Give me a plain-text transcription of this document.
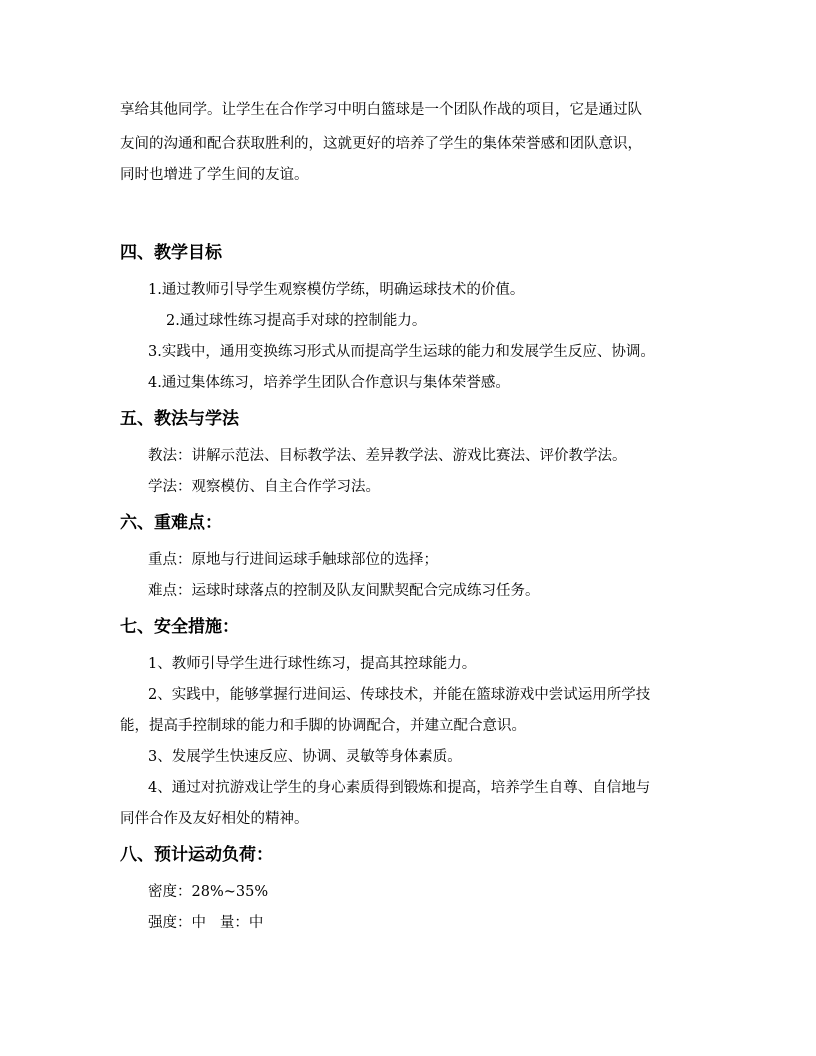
享给其他同学。让学生在合作学习中明白篮球是一个团队作战的项目，它是通过队
友间的沟通和配合获取胜利的，这就更好的培养了学生的集体荣誉感和团队意识，
同时也增进了学生间的友谊。
四、教学目标
1.通过教师引导学生观察模仿学练，明确运球技术的价值。
2.通过球性练习提高手对球的控制能力。
3.实践中，通用变换练习形式从而提高学生运球的能力和发展学生反应、协调。
4.通过集体练习，培养学生团队合作意识与集体荣誉感。
五、教法与学法
教法：讲解示范法、目标教学法、差异教学法、游戏比赛法、评价教学法。
学法：观察模仿、自主合作学习法。
六、重难点：
重点：原地与行进间运球手触球部位的选择；
难点：运球时球落点的控制及队友间默契配合完成练习任务。
七、安全措施：
1、教师引导学生进行球性练习，提高其控球能力。
2、实践中，能够掌握行进间运、传球技术，并能在篮球游戏中尝试运用所学技
能，提高手控制球的能力和手脚的协调配合，并建立配合意识。
3、发展学生快速反应、协调、灵敏等身体素质。
4、通过对抗游戏让学生的身心素质得到锻炼和提高，培养学生自尊、自信地与
同伴合作及友好相处的精神。
八、预计运动负荷：
密度：28%~35%
强度：中   量：中
